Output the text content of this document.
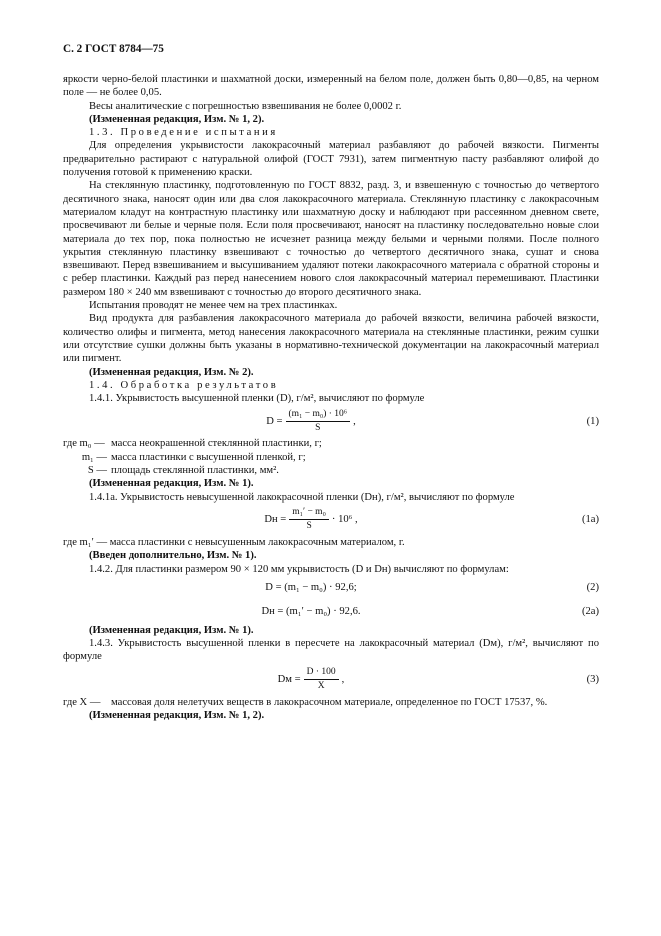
С. 2 ГОСТ 8784—75

яркости черно-белой пластинки и шахматной доски, измеренный на белом поле, должен быть 0,80—0,85, на черном поле — не более 0,05.

Весы аналитические с погрешностью взвешивания не более 0,0002 г.

(Измененная редакция, Изм. № 1, 2).

1.3. Проведение испытания

Для определения укрывистости лакокрасочный материал разбавляют до рабочей вязкости. Пигменты предварительно растирают с натуральной олифой (ГОСТ 7931), затем пигментную пасту разбавляют олифой до получения готовой к применению краски.

На стеклянную пластинку, подготовленную по ГОСТ 8832, разд. 3, и взвешенную с точностью до четвертого десятичного знака, наносят один или два слоя лакокрасочного материала. Стеклянную пластинку с лакокрасочным материалом кладут на контрастную пластинку или шахматную доску и наблюдают при рассеянном дневном свете, просвечивают ли белые и черные поля. Если поля просвечивают, наносят на пластинку последовательно новые слои материала до тех пор, пока полностью не исчезнет разница между белыми и черными полями. После полного укрытия стеклянную пластинку взвешивают с точностью до четвертого десятичного знака, сушат и снова взвешивают. Перед взвешиванием и высушиванием удаляют потеки лакокрасочного материала с обратной стороны и с ребер пластинки. Каждый раз перед нанесением нового слоя лакокрасочный материал перемешивают. Пластинки размером 180 × 240 мм взвешивают с точностью до второго десятичного знака.

Испытания проводят не менее чем на трех пластинках.

Вид продукта для разбавления лакокрасочного материала до рабочей вязкости, величина рабочей вязкости, количество олифы и пигмента, метод нанесения лакокрасочного материала на стеклянные пластинки, режим сушки или отсутствие сушки должны быть указаны в нормативно-технической документации на лакокрасочный материал или пигмент.

(Измененная редакция, Изм. № 2).

1.4. Обработка результатов

1.4.1. Укрывистость высушенной пленки (D), г/м², вычисляют по формуле

$D = \frac{\text{(m₁ − m₀) · 10⁶}}{S}$ ,	(1)
где m₀ — масса неокрашенной стеклянной пластинки, г;
m₁ — масса пластинки с высушенной пленкой, г;
S — площадь стеклянной пластинки, мм².

(Измененная редакция, Изм. № 1).

1.4.1а. Укрывистость невысушенной лакокрасочной пленки (Dн), г/м², вычисляют по формуле

Dн = $\frac{\text{m₁′ − m₀}}{S} \cdot 10^6$ ,	(1а)

где m₁′ — масса пластинки с невысушенным лакокрасочным материалом, г.

(Введен дополнительно, Изм. № 1).

1.4.2. Для пластинки размером 90 × 120 мм укрывистость (D и Dн) вычисляют по формулам:

D = (m₁ − m₀) · 92,6;	(2)
Dн = (m₁′ − m₀) · 92,6.	(2а)

(Измененная редакция, Изм. № 1).

1.4.3. Укрывистость высушенной пленки в пересчете на лакокрасочный материал (Dм), г/м², вычисляют по формуле

Dм = $\frac{D \cdot 100}{X}$ ,	(3)
где X — массовая доля нелетучих веществ в лакокрасочном материале, определенное по ГОСТ 17537, %.

(Измененная редакция, Изм. № 1, 2).
